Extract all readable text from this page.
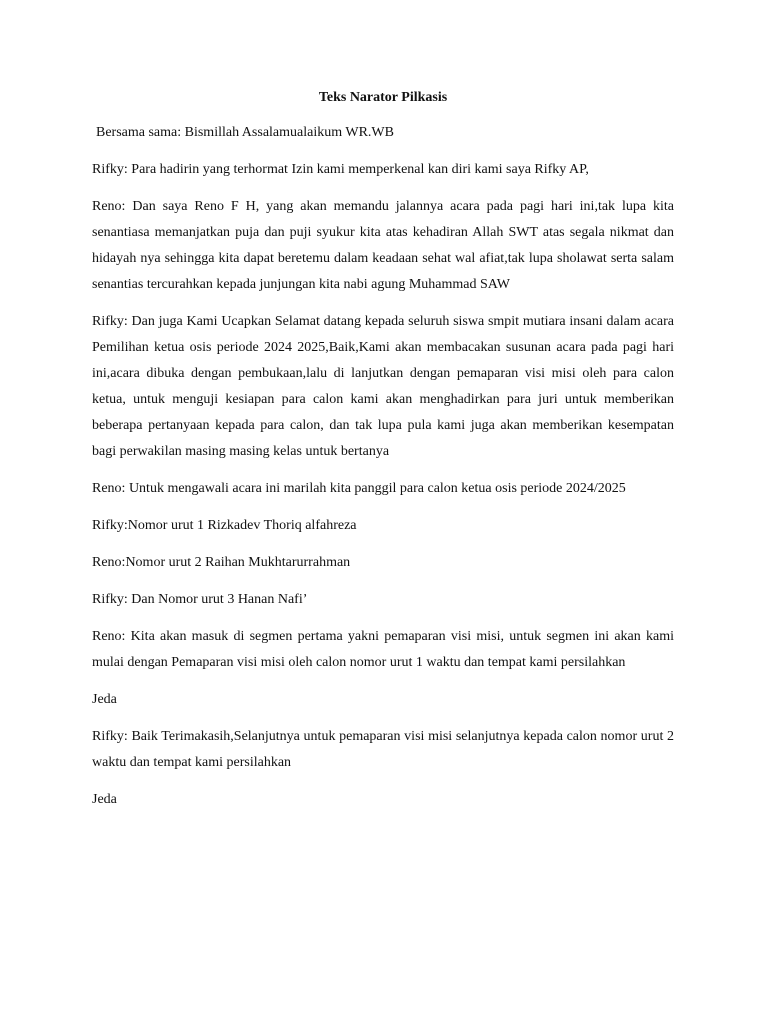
Teks Narator Pilkasis

Bersama sama: Bismillah Assalamualaikum WR.WB

Rifky: Para hadirin yang terhormat Izin kami memperkenal kan diri kami saya Rifky AP,

Reno: Dan saya Reno F H, yang akan memandu jalannya acara pada pagi hari ini,tak lupa kita senantiasa memanjatkan puja dan puji syukur kita atas kehadiran Allah SWT atas segala nikmat dan hidayah nya sehingga kita dapat beretemu dalam keadaan sehat wal afiat,tak lupa sholawat serta salam senantias tercurahkan kepada junjungan kita nabi agung Muhammad SAW

Rifky: Dan juga Kami Ucapkan Selamat datang kepada seluruh siswa smpit mutiara insani dalam acara Pemilihan ketua osis periode 2024 2025,Baik,Kami akan membacakan susunan acara pada pagi hari ini,acara dibuka dengan pembukaan,lalu di lanjutkan dengan pemaparan visi misi oleh para calon ketua, untuk menguji kesiapan para calon kami akan menghadirkan para juri untuk memberikan beberapa pertanyaan kepada para calon, dan tak lupa pula kami juga akan memberikan kesempatan bagi perwakilan masing masing kelas untuk bertanya

Reno: Untuk mengawali acara ini marilah kita panggil para calon ketua osis periode 2024/2025

Rifky:Nomor urut 1 Rizkadev Thoriq alfahreza

Reno:Nomor urut 2 Raihan Mukhtarurrahman

Rifky: Dan Nomor urut 3 Hanan Nafi’

Reno: Kita akan masuk di segmen pertama yakni pemaparan visi misi, untuk segmen ini akan kami mulai dengan Pemaparan visi misi oleh calon nomor urut 1 waktu dan tempat kami persilahkan

Jeda

Rifky: Baik Terimakasih,Selanjutnya untuk pemaparan visi misi selanjutnya kepada calon nomor urut 2 waktu dan tempat kami persilahkan

Jeda
